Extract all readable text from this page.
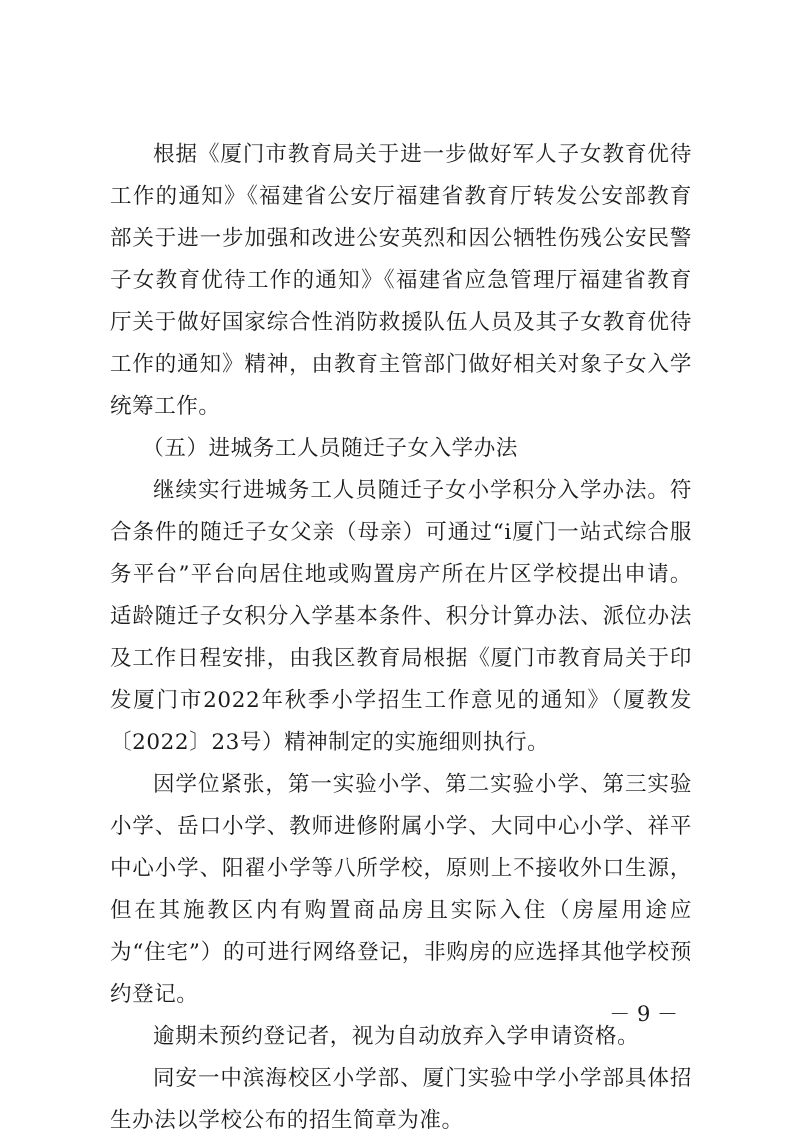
根据《厦门市教育局关于进一步做好军人子女教育优待工作的通知》《福建省公安厅福建省教育厅转发公安部教育部关于进一步加强和改进公安英烈和因公牺牲伤残公安民警子女教育优待工作的通知》《福建省应急管理厅福建省教育厅关于做好国家综合性消防救援队伍人员及其子女教育优待工作的通知》精神，由教育主管部门做好相关对象子女入学统筹工作。

（五）进城务工人员随迁子女入学办法

继续实行进城务工人员随迁子女小学积分入学办法。符合条件的随迁子女父亲（母亲）可通过“i厦门一站式综合服务平台”平台向居住地或购置房产所在片区学校提出申请。适龄随迁子女积分入学基本条件、积分计算办法、派位办法及工作日程安排，由我区教育局根据《厦门市教育局关于印发厦门市2022年秋季小学招生工作意见的通知》（厦教发〔2022〕23号）精神制定的实施细则执行。

因学位紧张，第一实验小学、第二实验小学、第三实验小学、岳口小学、教师进修附属小学、大同中心小学、祥平中心小学、阳翟小学等八所学校，原则上不接收外口生源，但在其施教区内有购置商品房且实际入住（房屋用途应为“住宅”）的可进行网络登记，非购房的应选择其他学校预约登记。

逾期未预约登记者，视为自动放弃入学申请资格。

同安一中滨海校区小学部、厦门实验中学小学部具体招生办法以学校公布的招生简章为准。

－ 9 －
